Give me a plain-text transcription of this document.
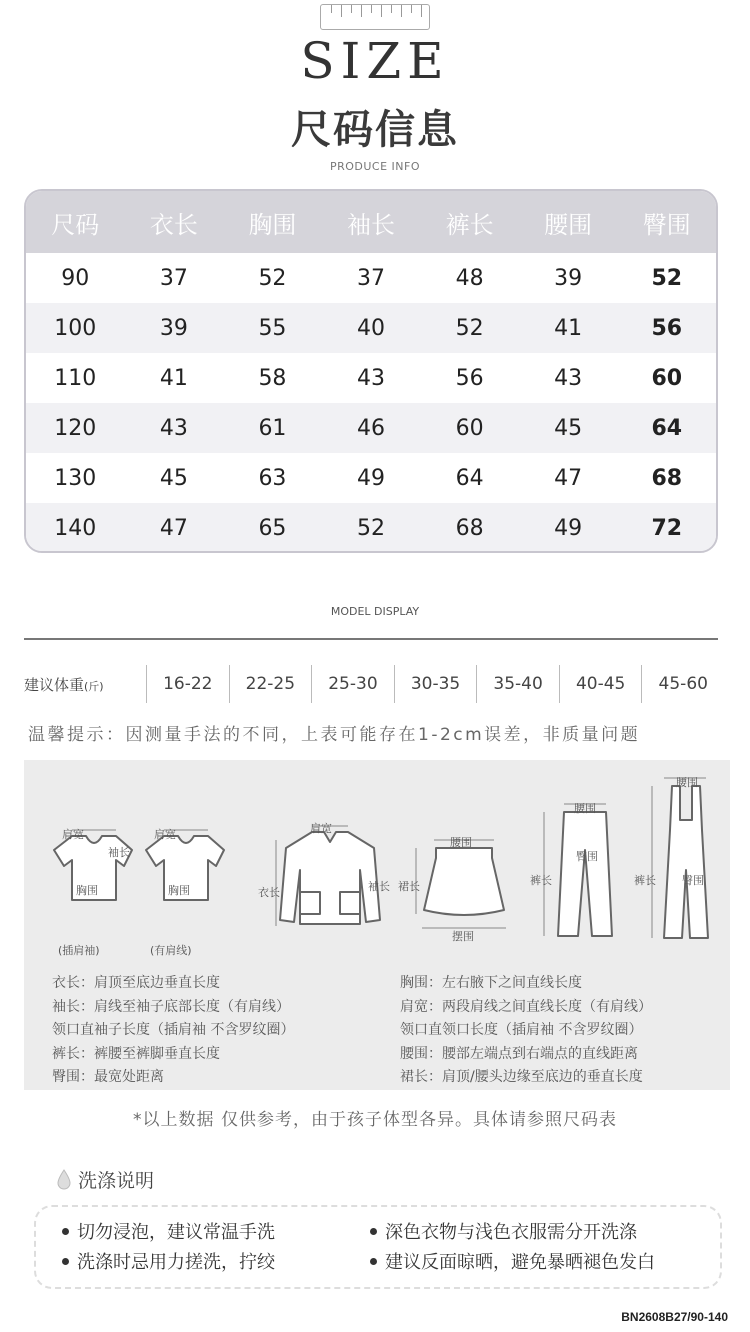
SIZE
尺码信息
PRODUCE INFO
尺码	衣长	胸围	袖长	裤长	腰围	臀围
90	37	52	37	48	39	52
100	39	55	40	52	41	56
110	41	58	43	56	43	60
120	43	61	46	60	45	64
130	45	63	49	64	47	68
140	47	65	52	68	49	72
MODEL DISPLAY
建议体重(斤)	16-22	22-25	25-30	30-35	35-40	40-45	45-60
温馨提示：因测量手法的不同，上表可能存在1-2cm误差，非质量问题
(插肩袖)	(有肩线)
肩宽	肩宽
袖长
胸围	胸围
肩宽
衣长	袖长
腰围
裙长
摆围
腰围
臀围
裤长
腰围
裤长 臀围
衣长：肩顶至底边垂直长度
袖长：肩线至袖子底部长度（有肩线）
领口直袖子长度（插肩袖 不含罗纹圈）
裤长：裤腰至裤脚垂直长度
臀围：最宽处距离
胸围：左右腋下之间直线长度
肩宽：两段肩线之间直线长度（有肩线）
领口直领口长度（插肩袖 不含罗纹圈）
腰围：腰部左端点到右端点的直线距离
裙长：肩顶/腰头边缘至底边的垂直长度
*以上数据 仅供参考，由于孩子体型各异。具体请参照尺码表
洗涤说明
切勿浸泡，建议常温手洗	深色衣物与浅色衣服需分开洗涤
洗涤时忌用力搓洗，拧绞	建议反面晾晒，避免暴晒褪色发白
BN2608B27/90-140
